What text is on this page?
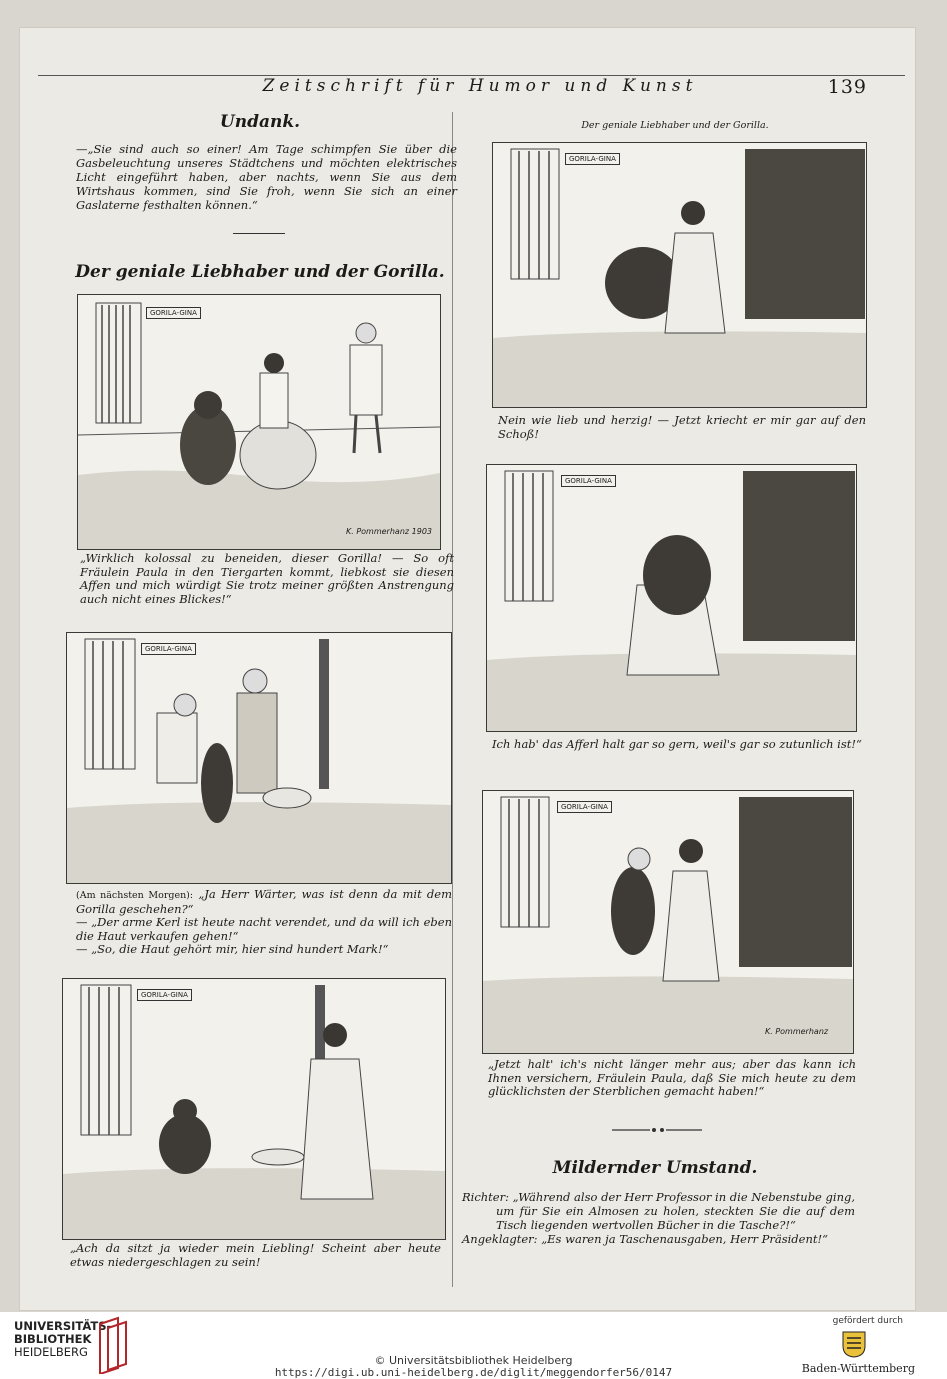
Zeitschrift für Humor und Kunst	139
Undank.

—„Sie sind auch so einer! Am Tage schimpfen Sie über die Gasbeleuchtung unseres Städtchens und möchten elektrisches Licht eingeführt haben, aber nachts, wenn Sie aus dem Wirtshaus kommen, sind Sie froh, wenn Sie sich an einer Gaslaterne festhalten können.“

Der geniale Liebhaber und der Gorilla.
GORILA-GINA
K. Pommerhanz 1903

„Wirklich kolossal zu beneiden, dieser Gorilla! — So oft Fräulein Paula in den Tiergarten kommt, liebkost sie diesen Affen und mich würdigt Sie trotz meiner größten Anstrengung auch nicht eines Blickes!“

GORILA-GINA

(Am nächsten Morgen): „Ja Herr Wärter, was ist denn da mit dem Gorilla geschehen?“

— „Der arme Kerl ist heute nacht verendet, und da will ich eben die Haut verkaufen gehen!“

— „So, die Haut gehört mir, hier sind hundert Mark!“

GORILA-GINA

„Ach da sitzt ja wieder mein Liebling! Scheint aber heute etwas niedergeschlagen zu sein!

Der geniale Liebhaber und der Gorilla.
GORILA-GINA

Nein wie lieb und herzig! — Jetzt kriecht er mir gar auf den Schoß!

GORILA-GINA

Ich hab' das Afferl halt gar so gern, weil's gar so zutunlich ist!“

GORILA-GINA
K. Pommerhanz

„Jetzt halt' ich's nicht länger mehr aus; aber das kann ich Ihnen versichern, Fräulein Paula, daß Sie mich heute zu dem glücklichsten der Sterblichen gemacht haben!“

Mildernder Umstand.

Richter: „Während also der Herr Professor in die Nebenstube ging, um für Sie ein Almosen zu holen, steckten Sie die auf dem Tisch liegenden wertvollen Bücher in die Tasche?!“

Angeklagter: „Es waren ja Taschenausgaben, Herr Präsident!“

UNIVERSITÄTS-
BIBLIOTHEK
HEIDELBERG
© Universitätsbibliothek Heidelberg
https://digi.ub.uni-heidelberg.de/diglit/meggendorfer56/0147
gefördert durch
Baden-Württemberg
